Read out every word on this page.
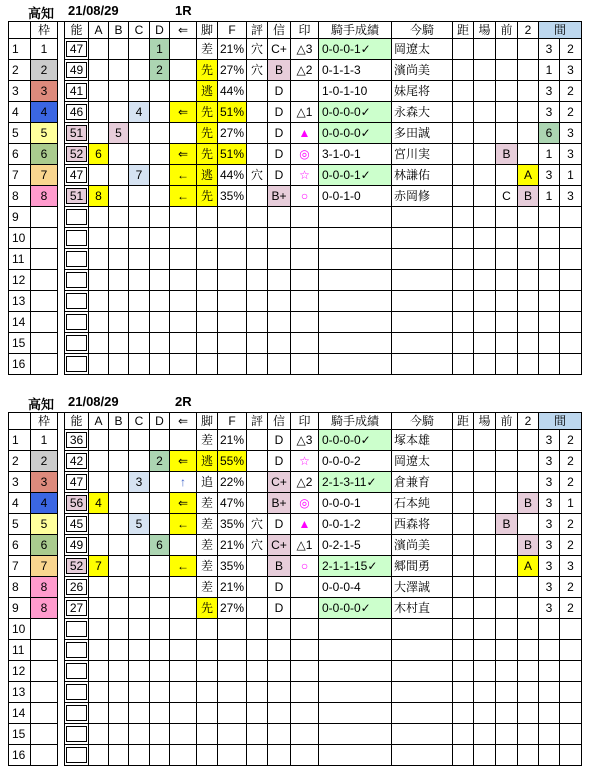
高知 21/08/29	1R
	枠		能	A	B	C	D	⇐	脚	F	評	信	印	騎手成績	今騎	距	場	前	2	間	
1	1		47				1		差	21%	穴	C+	△3	0-0-0-1✓	岡遼太					3	2
2	2		49				2		先	27%	穴	B	△2	0-1-1-3	濱尚美					1	3
3	3		41						逃	44%		D		1-0-1-10	妹尾将					3	2
4	4		46			4		⇐	先	51%		D	△1	0-0-0-0✓	永森大					3	2
5	5		51		5				先	27%		D	▲	0-0-0-0✓	多田誠					6	3
6	6		52	6				⇐	先	51%		D	◎	3-1-0-1	宮川実			B		1	3
7	7		47			7		←	逃	44%	穴	D	☆	0-0-0-1✓	林謙佑				A	3	1
8	8		51	8				←	先	35%		B+	○	0-0-1-0	赤岡修			C	B	1	3
9			

10			

11			

12			

13			

14			

15			

16			

高知 21/08/29	2R
	枠		能	A	B	C	D	⇐	脚	F	評	信	印	騎手成績	今騎	距	場	前	2	間	
1	1		36						差	21%		D	△3	0-0-0-0✓	塚本雄					3	2
2	2		42				2	⇐	逃	55%		D	☆	0-0-0-2	岡遼太					3	2
3	3		47			3		↑	追	22%		C+	△2	2-1-3-11✓	倉兼育					3	2
4	4		56	4				⇐	差	47%		B+	◎	0-0-0-1	石本純				B	3	1
5	5		45			5		←	差	35%	穴	D	▲	0-0-1-2	西森将			B		3	2
6	6		49				6		差	21%	穴	C+	△1	0-2-1-5	濱尚美				B	3	2
7	7		52	7				←	差	35%		B	○	2-1-1-15✓	郷間勇				A	3	3
8	8		26						差	21%		D		0-0-0-4	大澤誠					3	2
9	8		27						先	27%		D		0-0-0-0✓	木村直					3	2
10			

11			

12			

13			

14			

15			

16			
